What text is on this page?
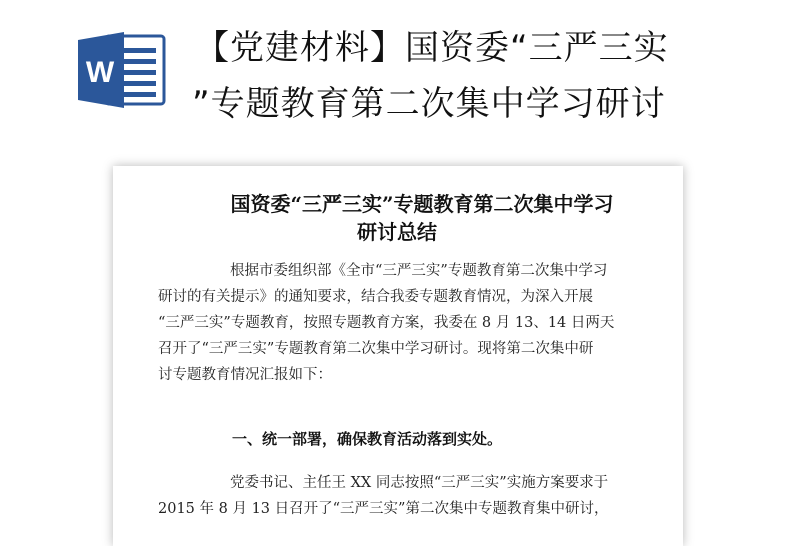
W
【党建材料】国资委“三严三实
”专题教育第二次集中学习研讨
国资委“三严三实”专题教育第二次集中学习
研讨总结
根据市委组织部《全市“三严三实”专题教育第二次集中学习
研讨的有关提示》的通知要求，结合我委专题教育情况，为深入开展
“三严三实”专题教育，按照专题教育方案，我委在 8 月 13、14 日两天
召开了“三严三实”专题教育第二次集中学习研讨。现将第二次集中研
讨专题教育情况汇报如下：
一、统一部署，确保教育活动落到实处。
党委书记、主任王 XX 同志按照“三严三实”实施方案要求于
2015 年 8 月 13 日召开了“三严三实”第二次集中专题教育集中研讨，
